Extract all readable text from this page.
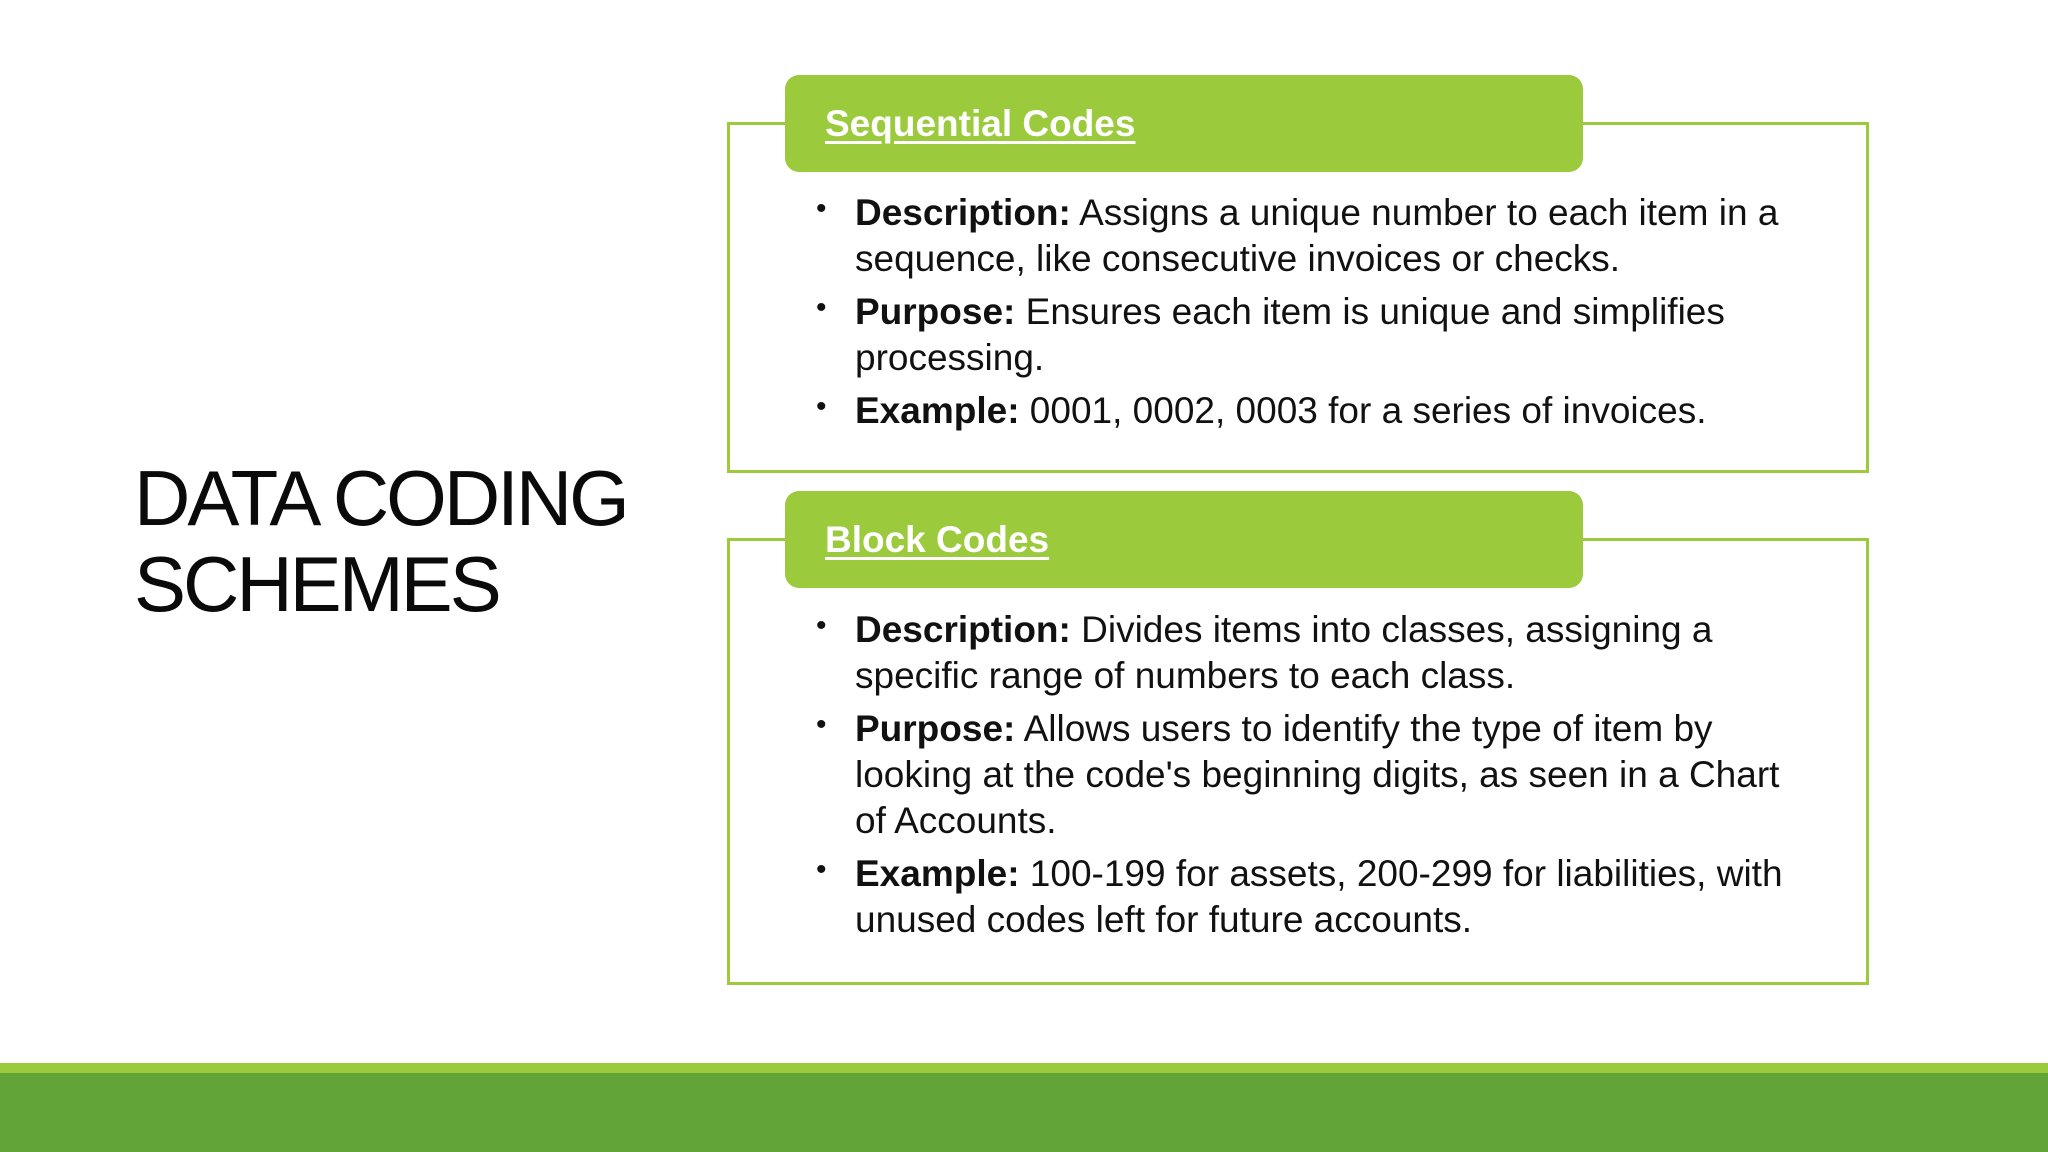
DATA CODING
SCHEMES
Sequential Codes
• Description: Assigns a unique number to each item in a sequence, like consecutive invoices or checks.
• Purpose: Ensures each item is unique and simplifies processing.
• Example: 0001, 0002, 0003 for a series of invoices.
Block Codes
• Description: Divides items into classes, assigning a specific range of numbers to each class.
• Purpose: Allows users to identify the type of item by looking at the code's beginning digits, as seen in a Chart of Accounts.
• Example: 100-199 for assets, 200-299 for liabilities, with unused codes left for future accounts.
